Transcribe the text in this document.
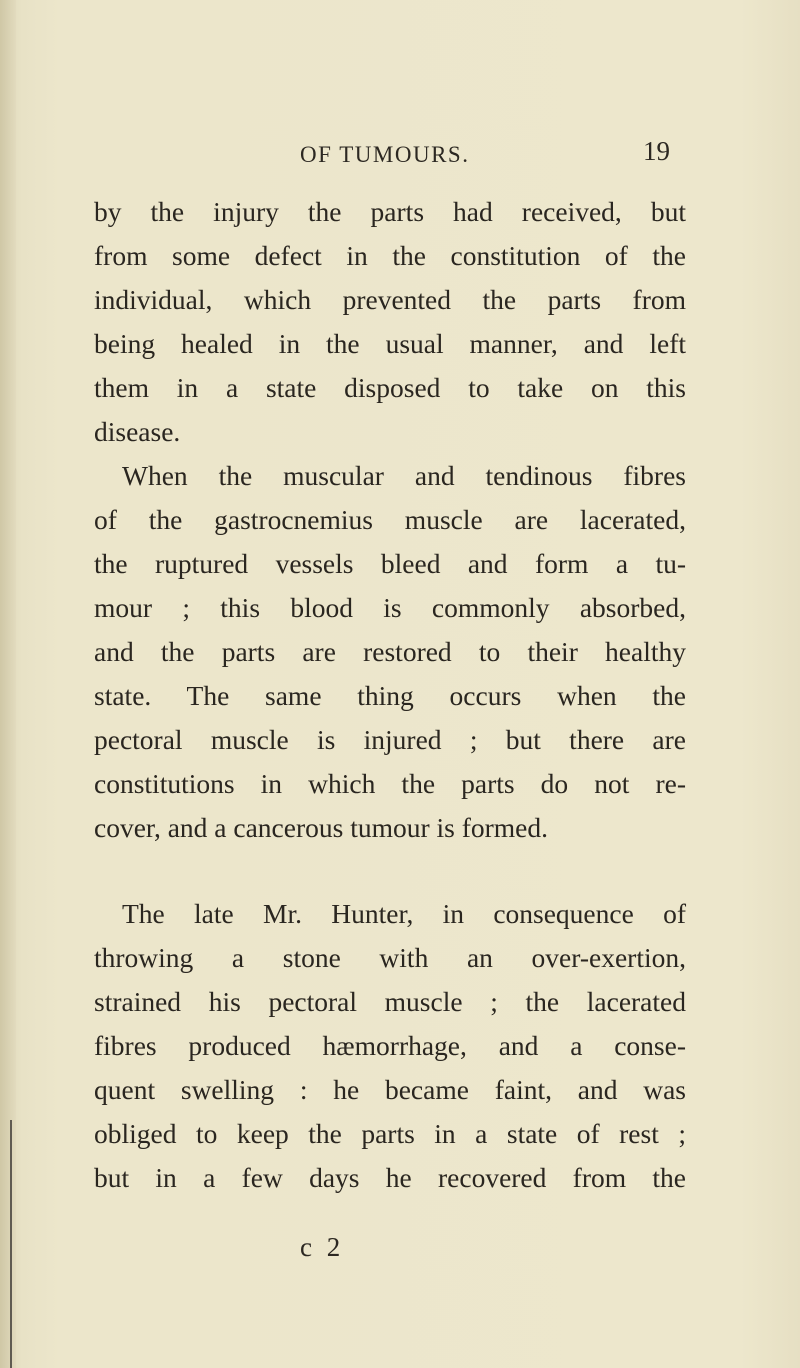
OF TUMOURS.	19
by the injury the parts had received, but
from some defect in the constitution of the
individual, which prevented the parts from
being healed in the usual manner, and left
them in a state disposed to take on this
disease.
When the muscular and tendinous fibres
of the gastrocnemius muscle are lacerated,
the ruptured vessels bleed and form a tu-
mour ; this blood is commonly absorbed,
and the parts are restored to their healthy
state. The same thing occurs when the
pectoral muscle is injured ; but there are
constitutions in which the parts do not re-
cover, and a cancerous tumour is formed.
The late Mr. Hunter, in consequence of
throwing a stone with an over-exertion,
strained his pectoral muscle ; the lacerated
fibres produced hæmorrhage, and a conse-
quent swelling : he became faint, and was
obliged to keep the parts in a state of rest ;
but in a few days he recovered from the
c 2
